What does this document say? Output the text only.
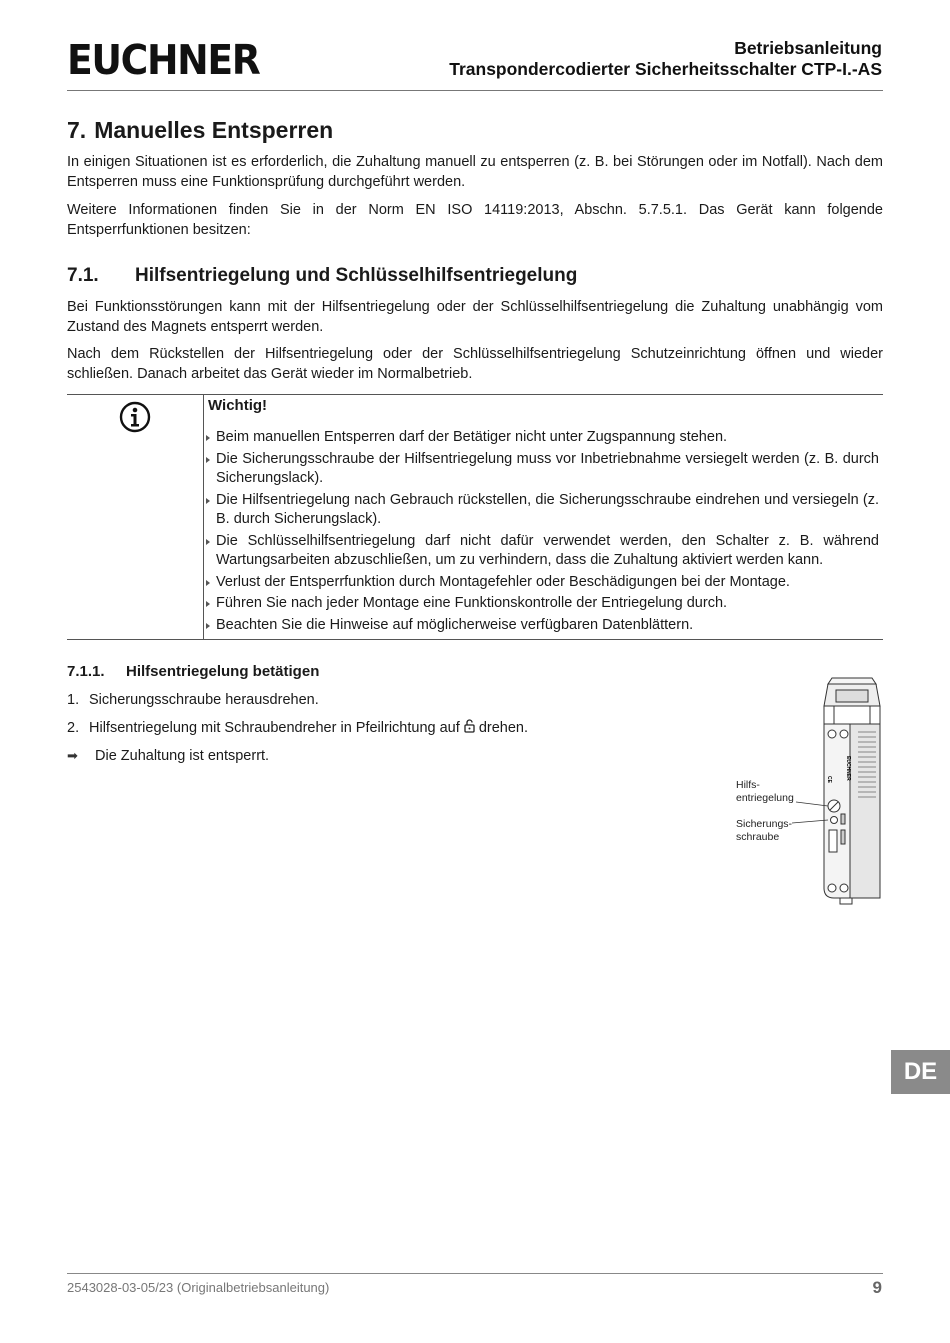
EUCHNER	Betriebsanleitung
Transpondercodierter Sicherheitsschalter CTP-I.-AS
7. Manuelles Entsperren

In einigen Situationen ist es erforderlich, die Zuhaltung manuell zu entsperren (z. B. bei Störungen oder im Notfall). Nach dem Entsperren muss eine Funktionsprüfung durchgeführt werden.

Weitere Informationen finden Sie in der Norm EN ISO 14119:2013, Abschn. 5.7.5.1. Das Gerät kann folgende Entsperrfunktionen besitzen:

7.1. Hilfsentriegelung und Schlüsselhilfsentriegelung

Bei Funktionsstörungen kann mit der Hilfsentriegelung oder der Schlüsselhilfsentriegelung die Zuhaltung unabhängig vom Zustand des Magnets entsperrt werden.

Nach dem Rückstellen der Hilfsentriegelung oder der Schlüsselhilfsentriegelung Schutzeinrichtung öffnen und wieder schließen. Danach arbeitet das Gerät wieder im Normalbetrieb.

Wichtig!
Beim manuellen Entsperren darf der Betätiger nicht unter Zugspannung stehen.
Die Sicherungsschraube der Hilfsentriegelung muss vor Inbetriebnahme versiegelt werden (z. B. durch Sicherungslack).
Die Hilfsentriegelung nach Gebrauch rückstellen, die Sicherungsschraube eindrehen und versiegeln (z. B. durch Sicherungslack).
Die Schlüsselhilfsentriegelung darf nicht dafür verwendet werden, den Schalter z. B. während Wartungsarbeiten abzuschließen, um zu verhindern, dass die Zuhaltung aktiviert werden kann.
Verlust der Entsperrfunktion durch Montagefehler oder Beschädigungen bei der Montage.
Führen Sie nach jeder Montage eine Funktionskontrolle der Entriegelung durch.
Beachten Sie die Hinweise auf möglicherweise verfügbaren Datenblättern.
7.1.1. Hilfsentriegelung betätigen
1. Sicherungsschraube herausdrehen.
2. Hilfsentriegelung mit Schraubendreher in Pfeilrichtung auf drehen.
➡ Die Zuhaltung ist entsperrt.	EUCHNER
CE
Hilfs-
entriegelung
Sicherungs-
schraube
DE
2543028-03-05/23 (Originalbetriebsanleitung)	9
